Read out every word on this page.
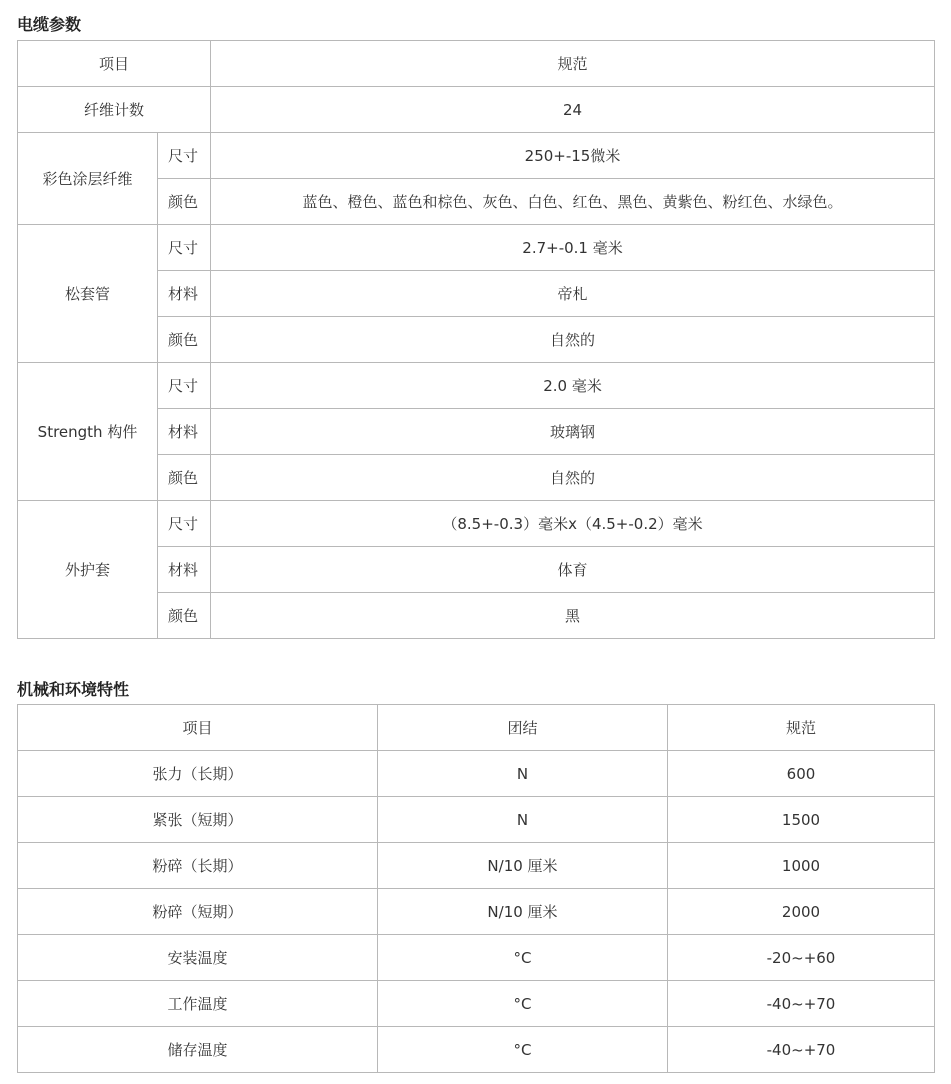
电缆参数
项目		规范
纤维计数		24
彩色涂层纤维	尺寸	250+-15微米
	颜色	蓝色、橙色、蓝色和棕色、灰色、白色、红色、黑色、黄紫色、粉红色、水绿色。
松套管	尺寸	2.7+-0.1 毫米
	材料	帝札
	颜色	自然的
Strength 构件	尺寸	2.0 毫米
	材料	玻璃钢
	颜色	自然的
外护套	尺寸	（8.5+-0.3）毫米x（4.5+-0.2）毫米
	材料	体育
	颜色	黑
机械和环境特性
项目	团结	规范
张力（长期）	N	600
紧张（短期）	N	1500
粉碎（长期）	N/10 厘米	1000
粉碎（短期）	N/10 厘米	2000
安装温度	°C	-20~+60
工作温度	°C	-40~+70
储存温度	°C	-40~+70
